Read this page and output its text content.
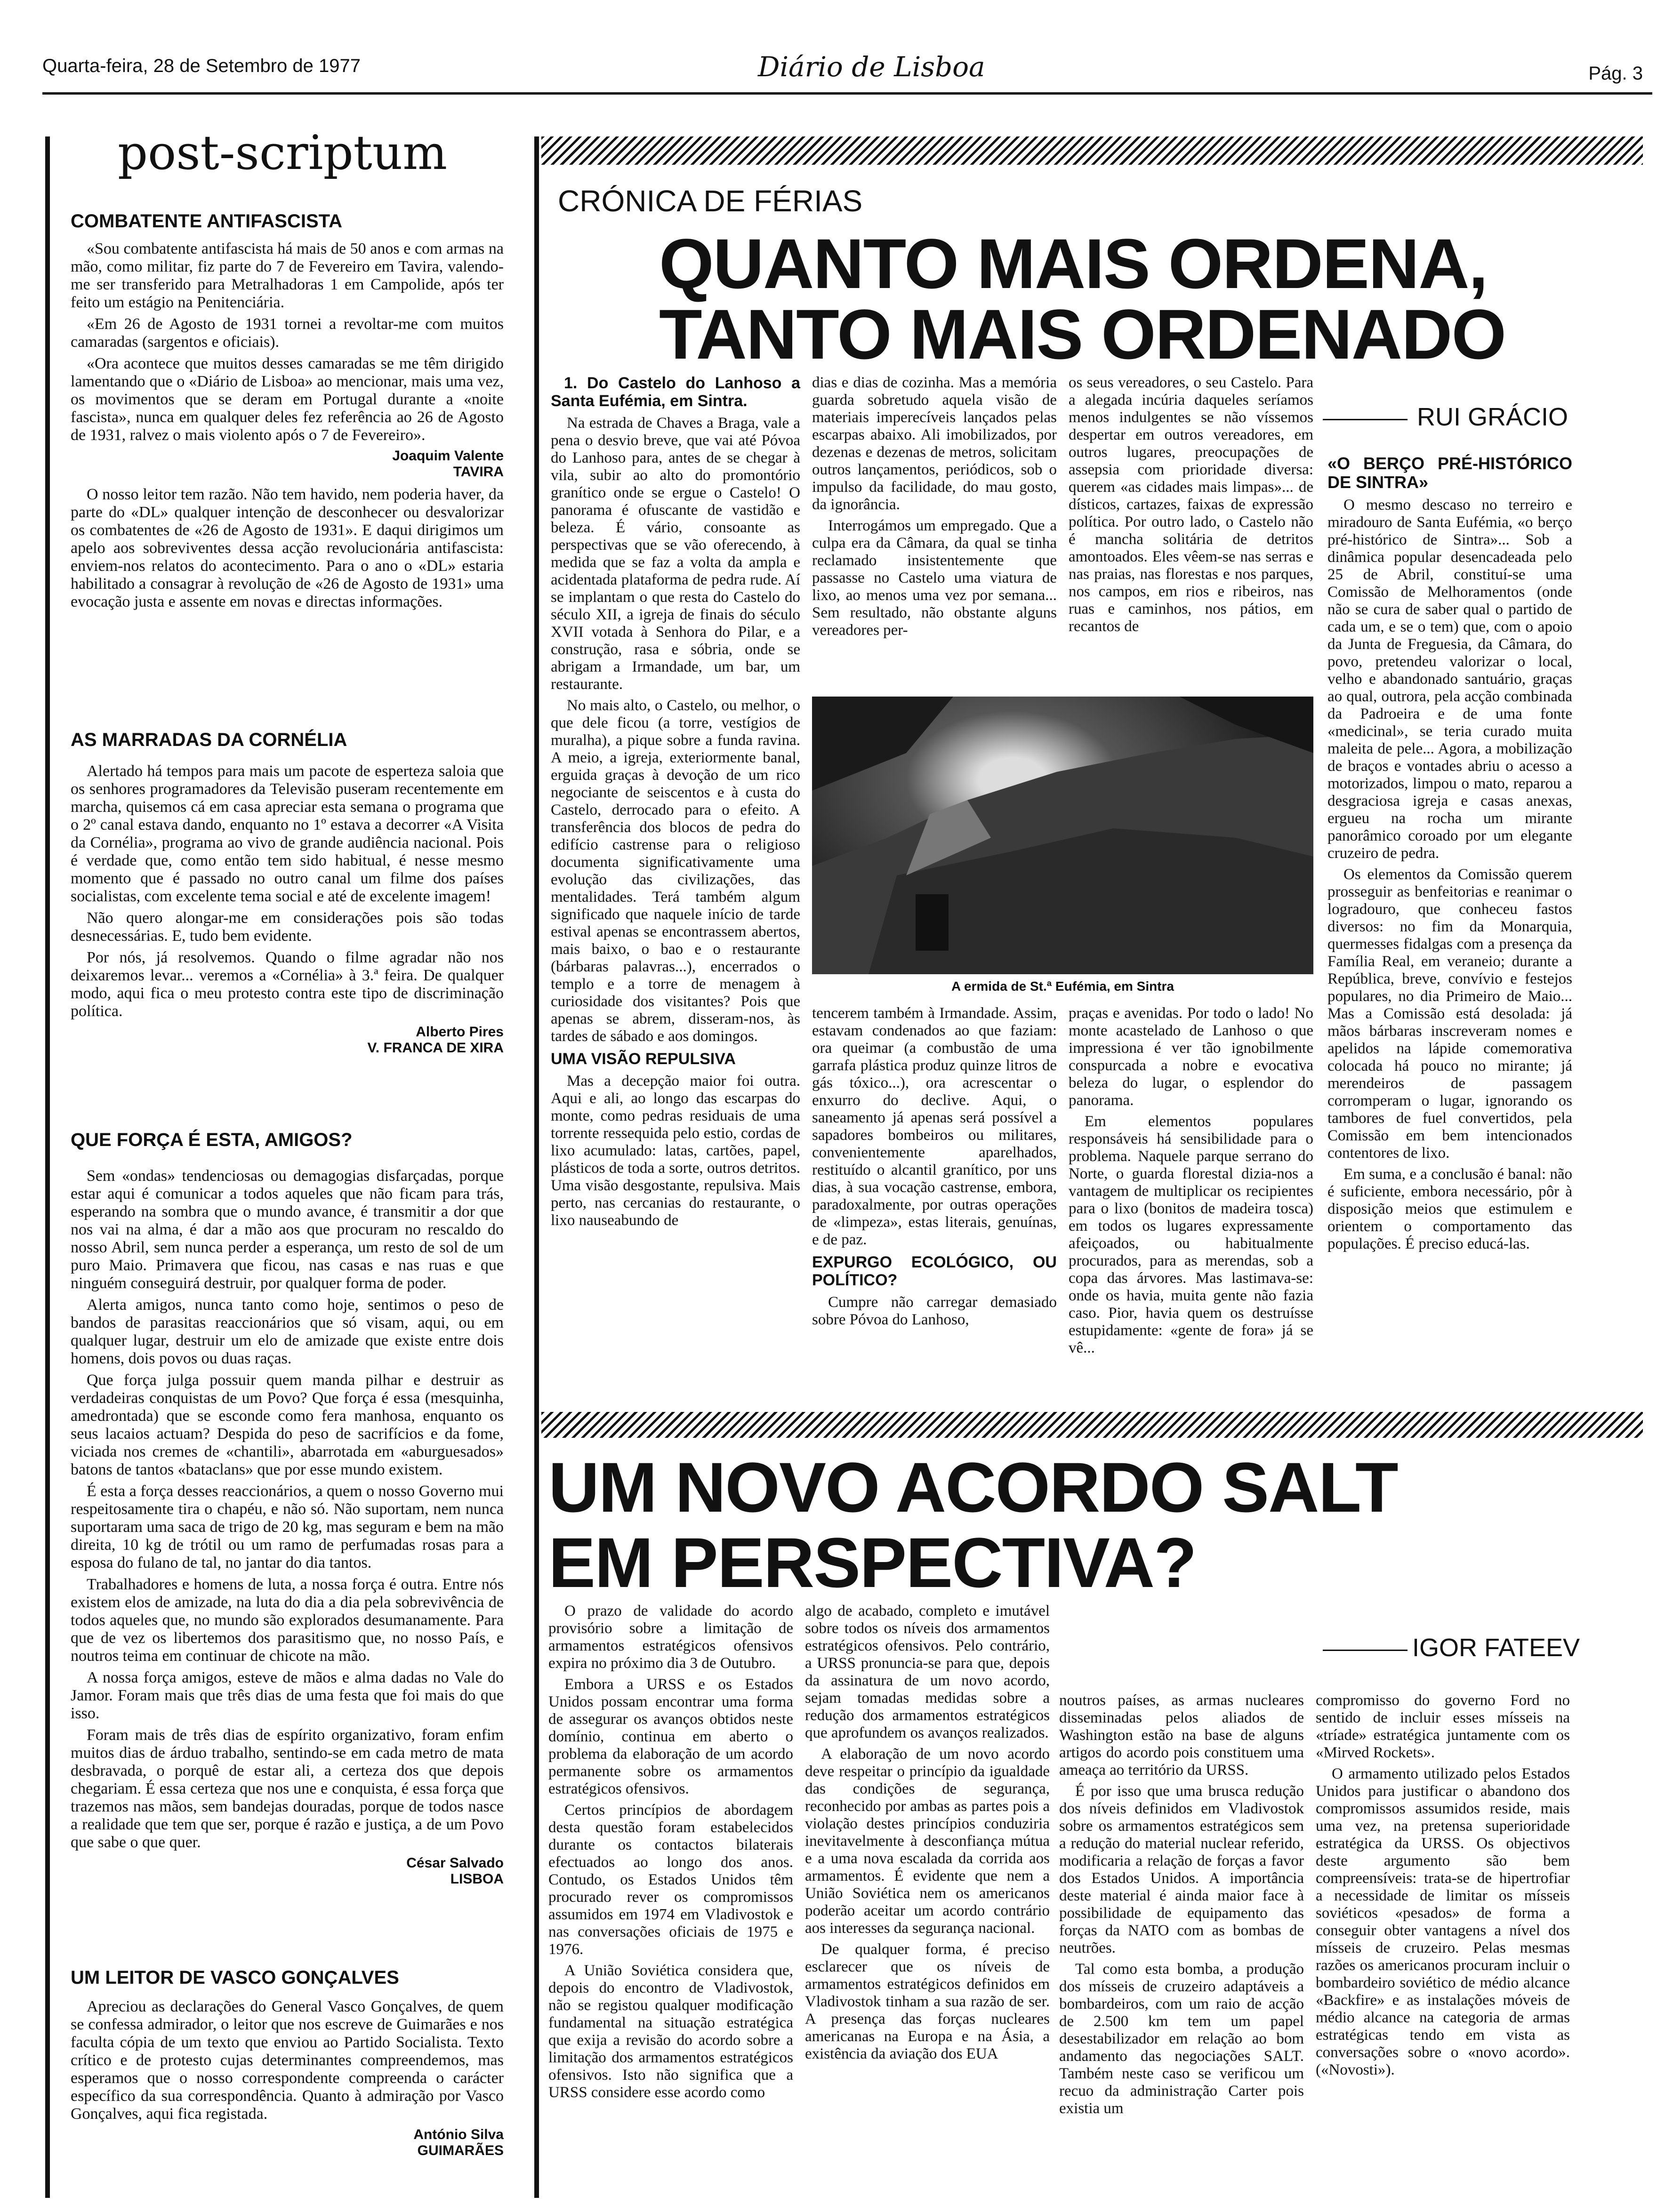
Quarta-feira, 28 de Setembro de 1977	Diário de Lisboa	Pág. 3
post-scriptum
COMBATENTE ANTIFASCISTA

«Sou combatente antifascista há mais de 50 anos e com armas na mão, como militar, fiz parte do 7 de Fevereiro em Tavira, valendo-me ser transferido para Metralhadoras 1 em Campolide, após ter feito um estágio na Penitenciária.

«Em 26 de Agosto de 1931 tornei a revoltar-me com muitos camaradas (sargentos e oficiais).

«Ora acontece que muitos desses camaradas se me têm dirigido lamentando que o «Diário de Lisboa» ao mencionar, mais uma vez, os movimentos que se deram em Portugal durante a «noite fascista», nunca em qualquer deles fez referência ao 26 de Agosto de 1931, ralvez o mais violento após o 7 de Fevereiro».

Joaquim Valente
TAVIRA

O nosso leitor tem razão. Não tem havido, nem poderia haver, da parte do «DL» qualquer intenção de desconhecer ou desvalorizar os combatentes de «26 de Agosto de 1931». E daqui dirigimos um apelo aos sobreviventes dessa acção revolucionária antifascista: enviem-nos relatos do acontecimento. Para o ano o «DL» estaria habilitado a consagrar à revolução de «26 de Agosto de 1931» uma evocação justa e assente em novas e directas informações.

AS MARRADAS DA CORNÉLIA

Alertado há tempos para mais um pacote de esperteza saloia que os senhores programadores da Televisão puseram recentemente em marcha, quisemos cá em casa apreciar esta semana o programa que o 2º canal estava dando, enquanto no 1º estava a decorrer «A Visita da Cornélia», programa ao vivo de grande audiência nacional. Pois é verdade que, como então tem sido habitual, é nesse mesmo momento que é passado no outro canal um filme dos países socialistas, com excelente tema social e até de excelente imagem!

Não quero alongar-me em considerações pois são todas desnecessárias. E, tudo bem evidente.

Por nós, já resolvemos. Quando o filme agradar não nos deixaremos levar... veremos a «Cornélia» à 3.ª feira. De qualquer modo, aqui fica o meu protesto contra este tipo de discriminação política.

Alberto Pires
V. FRANCA DE XIRA
QUE FORÇA É ESTA, AMIGOS?

Sem «ondas» tendenciosas ou demagogias disfarçadas, porque estar aqui é comunicar a todos aqueles que não ficam para trás, esperando na sombra que o mundo avance, é transmitir a dor que nos vai na alma, é dar a mão aos que procuram no rescaldo do nosso Abril, sem nunca perder a esperança, um resto de sol de um puro Maio. Primavera que ficou, nas casas e nas ruas e que ninguém conseguirá destruir, por qualquer forma de poder.

Alerta amigos, nunca tanto como hoje, sentimos o peso de bandos de parasitas reaccionários que só visam, aqui, ou em qualquer lugar, destruir um elo de amizade que existe entre dois homens, dois povos ou duas raças.

Que força julga possuir quem manda pilhar e destruir as verdadeiras conquistas de um Povo? Que força é essa (mesquinha, amedrontada) que se esconde como fera manhosa, enquanto os seus lacaios actuam? Despida do peso de sacrifícios e da fome, viciada nos cremes de «chantili», abarrotada em «aburguesados» batons de tantos «bataclans» que por esse mundo existem.

É esta a força desses reaccionários, a quem o nosso Governo mui respeitosamente tira o chapéu, e não só. Não suportam, nem nunca suportaram uma saca de trigo de 20 kg, mas seguram e bem na mão direita, 10 kg de trótil ou um ramo de perfumadas rosas para a esposa do fulano de tal, no jantar do dia tantos.

Trabalhadores e homens de luta, a nossa força é outra. Entre nós existem elos de amizade, na luta do dia a dia pela sobrevivência de todos aqueles que, no mundo são explorados desumanamente. Para que de vez os libertemos dos parasitismo que, no nosso País, e noutros teima em continuar de chicote na mão.

A nossa força amigos, esteve de mãos e alma dadas no Vale do Jamor. Foram mais que três dias de uma festa que foi mais do que isso.

Foram mais de três dias de espírito organizativo, foram enfim muitos dias de árduo trabalho, sentindo-se em cada metro de mata desbravada, o porquê de estar ali, a certeza dos que depois chegariam. É essa certeza que nos une e conquista, é essa força que trazemos nas mãos, sem bandejas douradas, porque de todos nasce a realidade que tem que ser, porque é razão e justiça, a de um Povo que sabe o que quer.

César Salvado
LISBOA
UM LEITOR DE VASCO GONÇALVES

Apreciou as declarações do General Vasco Gonçalves, de quem se confessa admirador, o leitor que nos escreve de Guimarães e nos faculta cópia de um texto que enviou ao Partido Socialista. Texto crítico e de protesto cujas determinantes compreendemos, mas esperamos que o nosso correspondente compreenda o carácter específico da sua correspondência. Quanto à admiração por Vasco Gonçalves, aqui fica registada.

António Silva
GUIMARÃES
CRÓNICA DE FÉRIAS
QUANTO MAIS ORDENA,
TANTO MAIS ORDENADO
RUI GRÁCIO
1. Do Castelo do Lanhoso a Santa Eufémia, em Sintra.

Na estrada de Chaves a Braga, vale a pena o desvio breve, que vai até Póvoa do Lanhoso para, antes de se chegar à vila, subir ao alto do promontório granítico onde se ergue o Castelo! O panorama é ofuscante de vastidão e beleza. É vário, consoante as perspectivas que se vão oferecendo, à medida que se faz a volta da ampla e acidentada plataforma de pedra rude. Aí se implantam o que resta do Castelo do século XII, a igreja de finais do século XVII votada à Senhora do Pilar, e a construção, rasa e sóbria, onde se abrigam a Irmandade, um bar, um restaurante.

No mais alto, o Castelo, ou melhor, o que dele ficou (a torre, vestígios de muralha), a pique sobre a funda ravina. A meio, a igreja, exteriormente banal, erguida graças à devoção de um rico negociante de seiscentos e à custa do Castelo, derrocado para o efeito. A transferência dos blocos de pedra do edifício castrense para o religioso documenta significativamente uma evolução das civilizações, das mentalidades. Terá também algum significado que naquele início de tarde estival apenas se encontrassem abertos, mais baixo, o bao e o restaurante (bárbaras palavras...), encerrados o templo e a torre de menagem à curiosidade dos visitantes? Pois que apenas se abrem, disseram-nos, às tardes de sábado e aos domingos.

UMA VISÃO REPULSIVA

Mas a decepção maior foi outra. Aqui e ali, ao longo das escarpas do monte, como pedras residuais de uma torrente ressequida pelo estio, cordas de lixo acumulado: latas, cartões, papel, plásticos de toda a sorte, outros detritos. Uma visão desgostante, repulsiva. Mais perto, nas cercanias do restaurante, o lixo nauseabundo de

dias e dias de cozinha. Mas a memória guarda sobretudo aquela visão de materiais imperecíveis lançados pelas escarpas abaixo. Ali imobilizados, por dezenas e dezenas de metros, solicitam outros lançamentos, periódicos, sob o impulso da facilidade, do mau gosto, da ignorância.

Interrogámos um empregado. Que a culpa era da Câmara, da qual se tinha reclamado insistentemente que passasse no Castelo uma viatura de lixo, ao menos uma vez por semana... Sem resultado, não obstante alguns vereadores per-

os seus vereadores, o seu Castelo. Para a alegada incúria daqueles seríamos menos indulgentes se não víssemos despertar em outros vereadores, em outros lugares, preocupações de assepsia com prioridade diversa: querem «as cidades mais limpas»... de dísticos, cartazes, faixas de expressão política. Por outro lado, o Castelo não é mancha solitária de detritos amontoados. Eles vêem-se nas serras e nas praias, nas florestas e nos parques, nos campos, em rios e ribeiros, nas ruas e caminhos, nos pátios, em recantos de

A ermida de St.ª Eufémia, em Sintra

tencerem também à Irmandade. Assim, estavam condenados ao que faziam: ora queimar (a combustão de uma garrafa plástica produz quinze litros de gás tóxico...), ora acrescentar o enxurro do declive. Aqui, o saneamento já apenas será possível a sapadores bombeiros ou militares, convenientemente aparelhados, restituído o alcantil granítico, por uns dias, à sua vocação castrense, embora, paradoxalmente, por outras operações de «limpeza», estas literais, genuínas, e de paz.

EXPURGO ECOLÓGICO, OU POLÍTICO?

Cumpre não carregar demasiado sobre Póvoa do Lanhoso,

praças e avenidas. Por todo o lado! No monte acastelado de Lanhoso o que impressiona é ver tão ignobilmente conspurcada a nobre e evocativa beleza do lugar, o esplendor do panorama.

Em elementos populares responsáveis há sensibilidade para o problema. Naquele parque serrano do Norte, o guarda florestal dizia-nos a vantagem de multiplicar os recipientes para o lixo (bonitos de madeira tosca) em todos os lugares expressamente afeiçoados, ou habitualmente procurados, para as merendas, sob a copa das árvores. Mas lastimava-se: onde os havia, muita gente não fazia caso. Pior, havia quem os destruísse estupidamente: «gente de fora» já se vê...

«O BERÇO PRÉ-HISTÓRICO DE SINTRA»

O mesmo descaso no terreiro e miradouro de Santa Eufémia, «o berço pré-histórico de Sintra»... Sob a dinâmica popular desencadeada pelo 25 de Abril, constituí-se uma Comissão de Melhoramentos (onde não se cura de saber qual o partido de cada um, e se o tem) que, com o apoio da Junta de Freguesia, da Câmara, do povo, pretendeu valorizar o local, velho e abandonado santuário, graças ao qual, outrora, pela acção combinada da Padroeira e de uma fonte «medicinal», se teria curado muita maleita de pele... Agora, a mobilização de braços e vontades abriu o acesso a motorizados, limpou o mato, reparou a desgraciosa igreja e casas anexas, ergueu na rocha um mirante panorâmico coroado por um elegante cruzeiro de pedra.

Os elementos da Comissão querem prosseguir as benfeitorias e reanimar o logradouro, que conheceu fastos diversos: no fim da Monarquia, quermesses fidalgas com a presença da Família Real, em veraneio; durante a República, breve, convívio e festejos populares, no dia Primeiro de Maio... Mas a Comissão está desolada: já mãos bárbaras inscreveram nomes e apelidos na lápide comemorativa colocada há pouco no mirante; já merendeiros de passagem corromperam o lugar, ignorando os tambores de fuel convertidos, pela Comissão em bem intencionados contentores de lixo.

Em suma, e a conclusão é banal: não é suficiente, embora necessário, pôr à disposição meios que estimulem e orientem o comportamento das populações. É preciso educá-las.

UM NOVO ACORDO SALT
EM PERSPECTIVA?
IGOR FATEEV

O prazo de validade do acordo provisório sobre a limitação de armamentos estratégicos ofensivos expira no próximo dia 3 de Outubro.

Embora a URSS e os Estados Unidos possam encontrar uma forma de assegurar os avanços obtidos neste domínio, continua em aberto o problema da elaboração de um acordo permanente sobre os armamentos estratégicos ofensivos.

Certos princípios de abordagem desta questão foram estabelecidos durante os contactos bilaterais efectuados ao longo dos anos. Contudo, os Estados Unidos têm procurado rever os compromissos assumidos em 1974 em Vladivostok e nas conversações oficiais de 1975 e 1976.

A União Soviética considera que, depois do encontro de Vladivostok, não se registou qualquer modificação fundamental na situação estratégica que exija a revisão do acordo sobre a limitação dos armamentos estratégicos ofensivos. Isto não significa que a URSS considere esse acordo como

algo de acabado, completo e imutável sobre todos os níveis dos armamentos estratégicos ofensivos. Pelo contrário, a URSS pronuncia-se para que, depois da assinatura de um novo acordo, sejam tomadas medidas sobre a redução dos armamentos estratégicos que aprofundem os avanços realizados.

A elaboração de um novo acordo deve respeitar o princípio da igualdade das condições de segurança, reconhecido por ambas as partes pois a violação destes princípios conduziria inevitavelmente à desconfiança mútua e a uma nova escalada da corrida aos armamentos. É evidente que nem a União Soviética nem os americanos poderão aceitar um acordo contrário aos interesses da segurança nacional.

De qualquer forma, é preciso esclarecer que os níveis de armamentos estratégicos definidos em Vladivostok tinham a sua razão de ser. A presença das forças nucleares americanas na Europa e na Ásia, a existência da aviação dos EUA

noutros países, as armas nucleares disseminadas pelos aliados de Washington estão na base de alguns artigos do acordo pois constituem uma ameaça ao território da URSS.

É por isso que uma brusca redução dos níveis definidos em Vladivostok sobre os armamentos estratégicos sem a redução do material nuclear referido, modificaria a relação de forças a favor dos Estados Unidos. A importância deste material é ainda maior face à possibilidade de equipamento das forças da NATO com as bombas de neutrões.

Tal como esta bomba, a produção dos mísseis de cruzeiro adaptáveis a bombardeiros, com um raio de acção de 2.500 km tem um papel desestabilizador em relação ao bom andamento das negociações SALT. Também neste caso se verificou um recuo da administração Carter pois existia um

compromisso do governo Ford no sentido de incluir esses mísseis na «tríade» estratégica juntamente com os «Mirved Rockets».

O armamento utilizado pelos Estados Unidos para justificar o abandono dos compromissos assumidos reside, mais uma vez, na pretensa superioridade estratégica da URSS. Os objectivos deste argumento são bem compreensíveis: trata-se de hipertrofiar a necessidade de limitar os mísseis soviéticos «pesados» de forma a conseguir obter vantagens a nível dos mísseis de cruzeiro. Pelas mesmas razões os americanos procuram incluir o bombardeiro soviético de médio alcance «Backfire» e as instalações móveis de médio alcance na categoria de armas estratégicas tendo em vista as conversações sobre o «novo acordo». («Novosti»).
